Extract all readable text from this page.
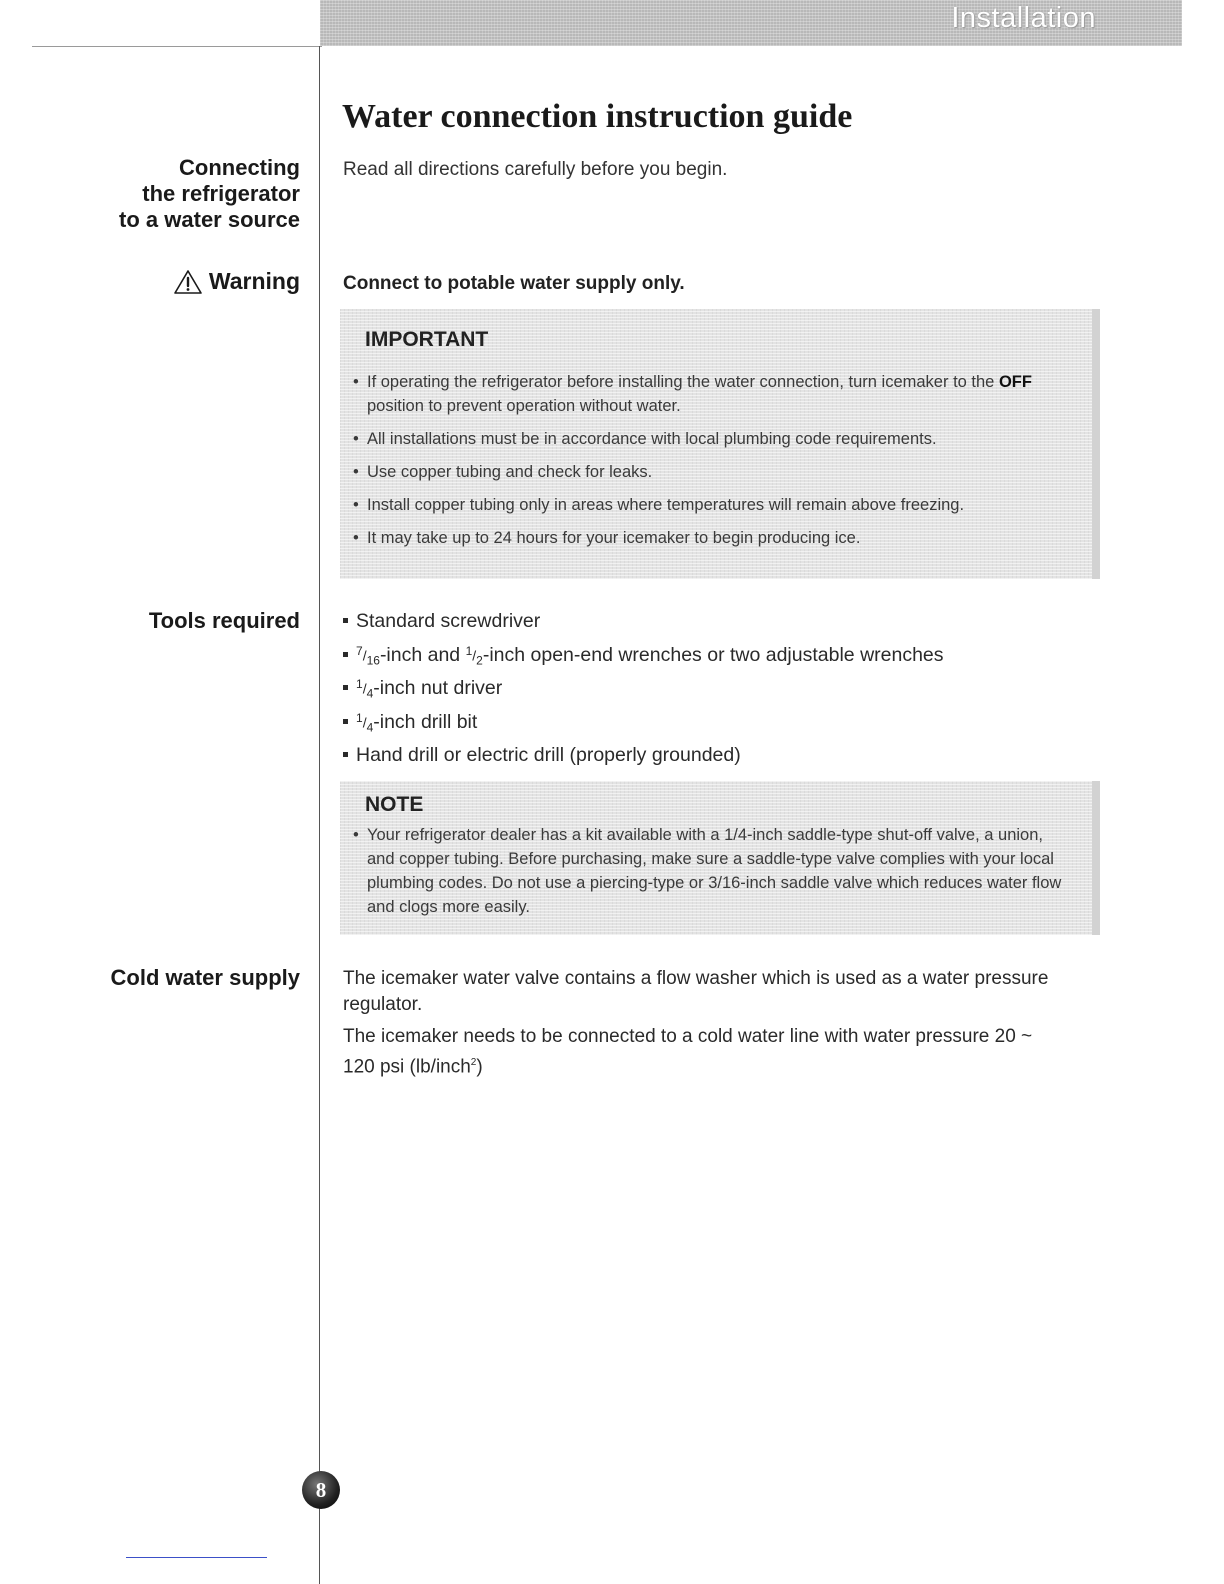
Installation
Water connection instruction guide

Read all directions carefully before you begin.

Connecting
the refrigerator
to a water source
Warning Connect to potable water supply only.

IMPORTANT
• If operating the refrigerator before installing the water connection, turn icemaker to the OFF position to prevent operation without water.
• All installations must be in accordance with local plumbing code requirements.
• Use copper tubing and check for leaks.
• Install copper tubing only in areas where temperatures will remain above freezing.
• It may take up to 24 hours for your icemaker to begin producing ice.
Tools required	Standard screwdriver
$^7/_{16}$ -inch and $^1/_2$ -inch open-end wrenches or two adjustable wrenches
$^1/_4$ -inch nut driver
$^1/_4$ -inch drill bit
Hand drill or electric drill (properly grounded)
NOTE
• Your refrigerator dealer has a kit available with a 1/4-inch saddle-type shut-off valve, a union, and copper tubing. Before purchasing, make sure a saddle-type valve complies with your local plumbing codes. Do not use a piercing-type or 3/16-inch saddle valve which reduces water flow and clogs more easily.
Cold water supply The icemaker water valve contains a flow washer which is used as a water pressure regulator.

The icemaker needs to be connected to a cold water line with water pressure 20 ~ 120 psi (lb/inch$^2$)

8
